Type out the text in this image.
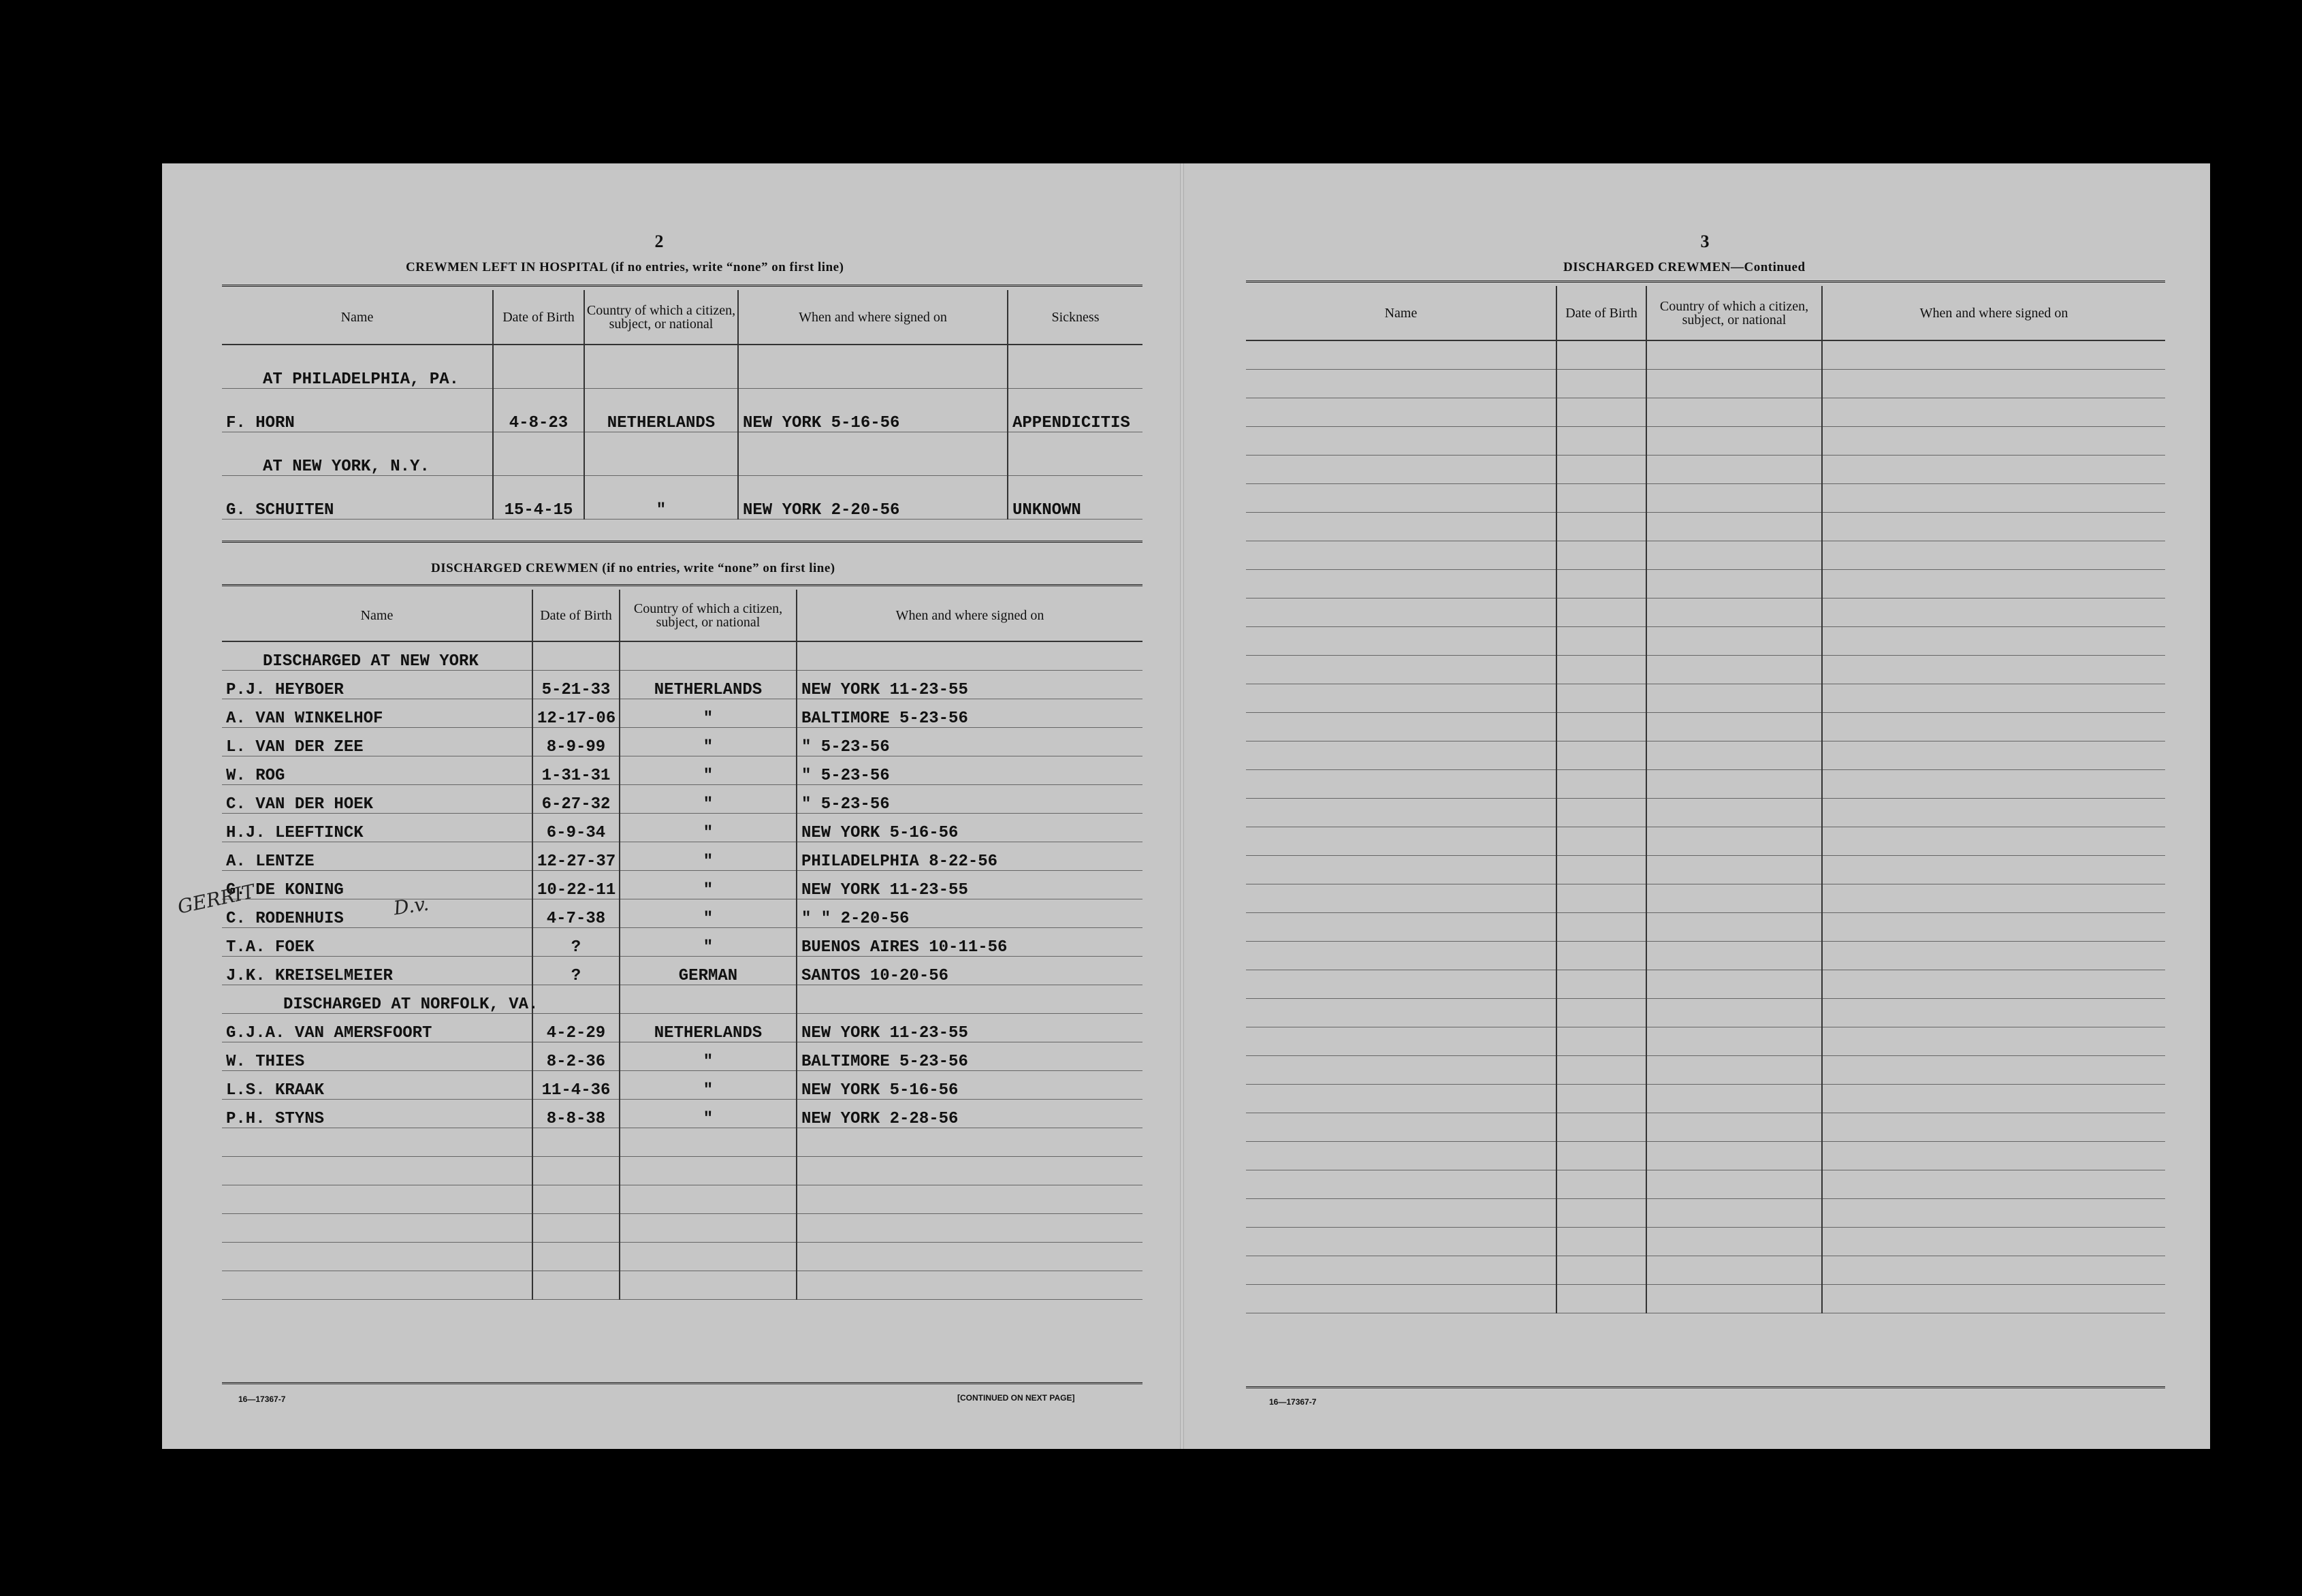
2
CREWMEN LEFT IN HOSPITAL (if no entries, write “none” on first line)
Name	Date of Birth	Country of which a citizen, subject, or national	When and where signed on	Sickness
AT PHILADELPHIA, PA.				
F. HORN	4-8-23	NETHERLANDS	NEW YORK 5-16-56	APPENDICITIS
AT NEW YORK, N.Y.				
G. SCHUITEN	15-4-15	"	NEW YORK 2-20-56	UNKNOWN
DISCHARGED CREWMEN (if no entries, write “none” on first line)
Name	Date of Birth	Country of which a citizen, subject, or national	When and where signed on
DISCHARGED AT NEW YORK			
P.J. HEYBOER	5-21-33	NETHERLANDS	NEW YORK 11-23-55
A. VAN WINKELHOF	12-17-06	"	BALTIMORE 5-23-56
L. VAN DER ZEE	8-9-99	"	" 5-23-56
W. ROG	1-31-31	"	" 5-23-56
C. VAN DER HOEK	6-27-32	"	" 5-23-56
H.J. LEEFTINCK	6-9-34	"	NEW YORK 5-16-56
A. LENTZE	12-27-37	"	PHILADELPHIA 8-22-56
G. DE KONING	10-22-11	"	NEW YORK 11-23-55
C. RODENHUIS	4-7-38	"	" " 2-20-56
T.A. FOEK	?	"	BUENOS AIRES 10-11-56
J.K. KREISELMEIER	?	GERMAN	SANTOS 10-20-56
DISCHARGED AT NORFOLK, VA.			
G.J.A. VAN AMERSFOORT	4-2-29	NETHERLANDS	NEW YORK 11-23-55
W. THIES	8-2-36	"	BALTIMORE 5-23-56
L.S. KRAAK	11-4-36	"	NEW YORK 5-16-56
P.H. STYNS	8-8-38	"	NEW YORK 2-28-56

16—17367-7	[CONTINUED ON NEXT PAGE]
GERRIT	D.v.
3
DISCHARGED CREWMEN—Continued
Name	Date of Birth	Country of which a citizen, subject, or national	When and where signed on

16—17367-7
